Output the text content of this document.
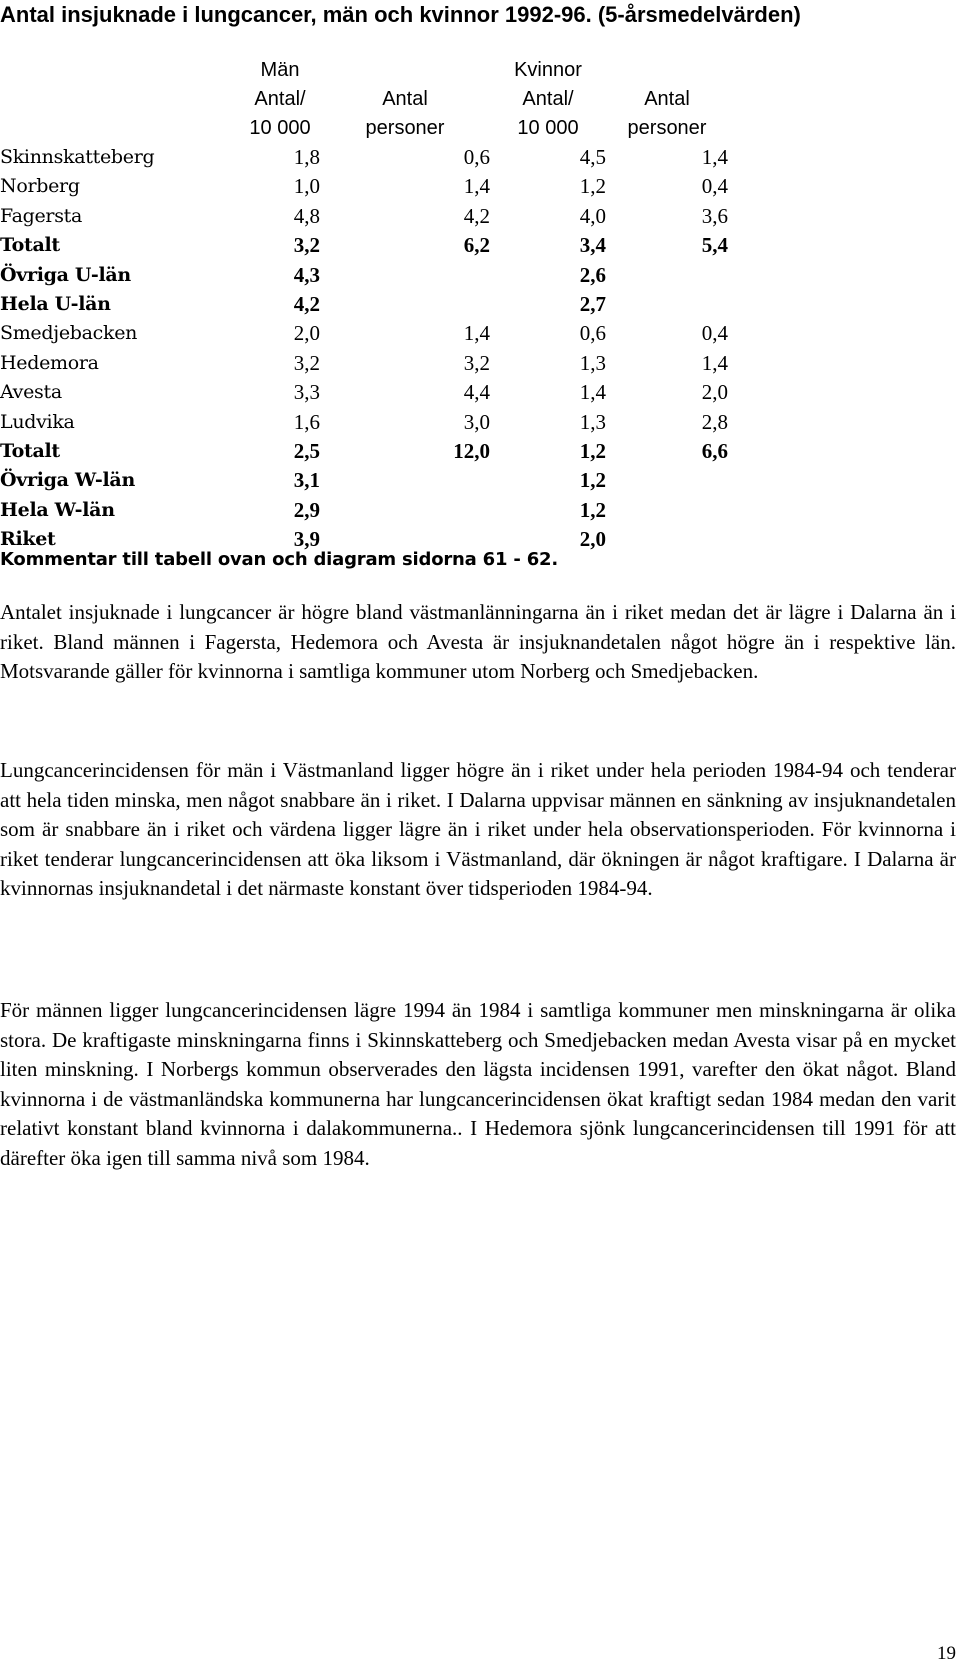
Antal insjuknade i lungcancer, män och kvinnor 1992-96. (5-årsmedelvärden)
	Män		Kvinnor	
	Antal/	Antal	Antal/	Antal
	10 000	personer	10 000	personer
Skinnskatteberg	1,8	0,6	4,5	1,4
Norberg	1,0	1,4	1,2	0,4
Fagersta	4,8	4,2	4,0	3,6
Totalt	3,2	6,2	3,4	5,4
Övriga U-län	4,3		2,6	
Hela U-län	4,2		2,7	
Smedjebacken	2,0	1,4	0,6	0,4
Hedemora	3,2	3,2	1,3	1,4
Avesta	3,3	4,4	1,4	2,0
Ludvika	1,6	3,0	1,3	2,8
Totalt	2,5	12,0	1,2	6,6
Övriga W-län	3,1		1,2	
Hela W-län	2,9		1,2	
Riket	3,9		2,0	
Kommentar till tabell ovan och diagram sidorna 61 - 62.

Antalet insjuknade i lungcancer är högre bland västmanlänningarna än i riket medan det är lägre i Dalarna än i riket. Bland männen i Fagersta, Hedemora och Avesta är insjuknandetalen något högre än i respektive län. Motsvarande gäller för kvinnorna i samtliga kommuner utom Norberg och Smedjebacken.

Lungcancerincidensen för män i Västmanland ligger högre än i riket under hela perioden 1984-94 och tenderar att hela tiden minska, men något snabbare än i riket. I Dalarna uppvisar männen en sänkning av insjuknandetalen som är snabbare än i riket och värdena ligger lägre än i riket under hela observationsperioden. För kvinnorna i riket tenderar lungcancerincidensen att öka liksom i Västmanland, där ökningen är något kraftigare. I Dalarna är kvinnornas insjuknandetal i det närmaste konstant över tidsperioden 1984-94.

För männen ligger lungcancerincidensen lägre 1994 än 1984 i samtliga kommuner men minskningarna är olika stora. De kraftigaste minskningarna finns i Skinnskatteberg och Smedjebacken medan Avesta visar på en mycket liten minskning. I Norbergs kommun observerades den lägsta incidensen 1991, varefter den ökat något. Bland kvinnorna i de västmanländska kommunerna har lungcancerincidensen ökat kraftigt sedan 1984 medan den varit relativt konstant bland kvinnorna i dalakommunerna.. I Hedemora sjönk lungcancerincidensen till 1991 för att därefter öka igen till samma nivå som 1984.

19
